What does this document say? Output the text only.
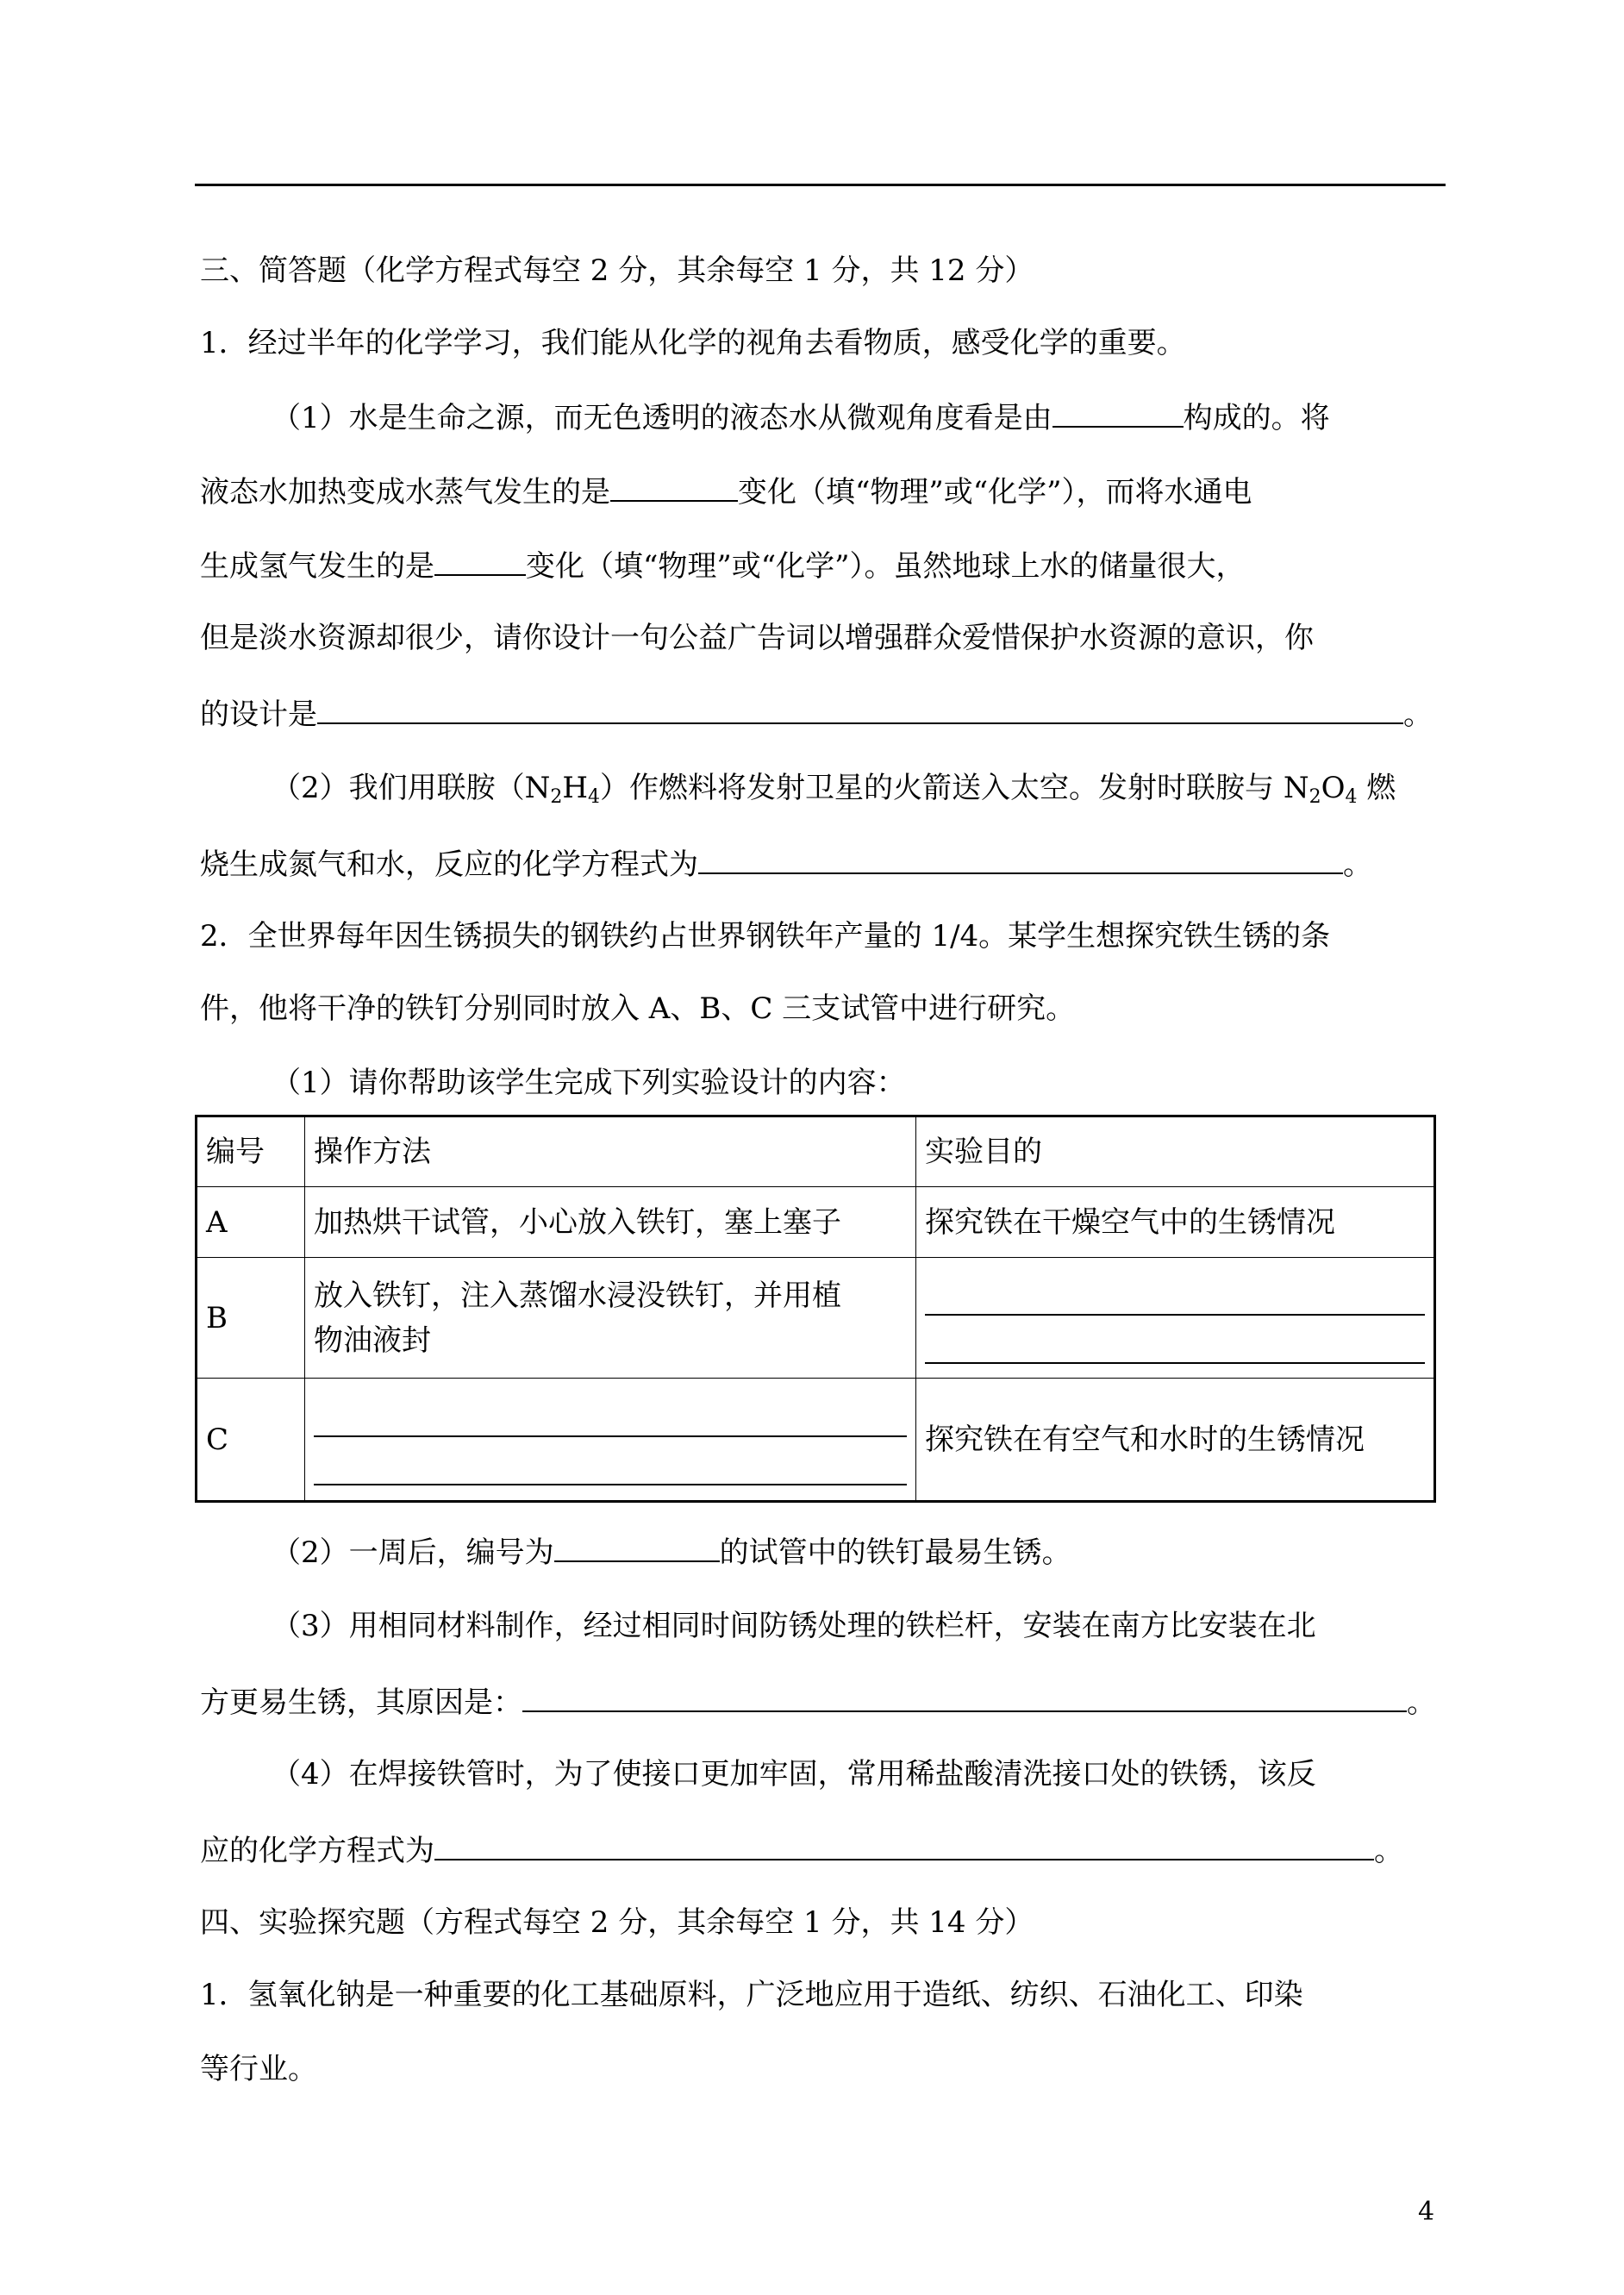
三、简答题（化学方程式每空 2 分，其余每空 1 分，共 12 分）
1．经过半年的化学学习，我们能从化学的视角去看物质，感受化学的重要。
（1）水是生命之源，而无色透明的液态水从微观角度看是由	构成的。将
液态水加热变成水蒸气发生的是	变化（填“物理”或“化学”），而将水通电
生成氢气发生的是	变化（填“物理”或“化学”）。虽然地球上水的储量很大，
但是淡水资源却很少，请你设计一句公益广告词以增强群众爱惜保护水资源的意识，你
的设计是	。
（2）我们用联胺$(N_2H_4)$作燃料将发射卫星的火箭送入太空。发射时联胺与 $N_2O_4$ 燃
烧生成氮气和水，反应的化学方程式为	。
2．全世界每年因生锈损失的钢铁约占世界钢铁年产量的 1/4。某学生想探究铁生锈的条
件，他将干净的铁钉分别同时放入 A、B、C 三支试管中进行研究。
（1）请你帮助该学生完成下列实验设计的内容：
编号	操作方法	实验目的
A	加热烘干试管，小心放入铁钉，塞上塞子	探究铁在干燥空气中的生锈情况
B	放入铁钉，注入蒸馏水浸没铁钉，并用植
物油液封	

C		探究铁在有空气和水时的生锈情况
（2）一周后，编号为	的试管中的铁钉最易生锈。
（3）用相同材料制作，经过相同时间防锈处理的铁栏杆，安装在南方比安装在北
方更易生锈，其原因是：	。
（4）在焊接铁管时，为了使接口更加牢固，常用稀盐酸清洗接口处的铁锈，该反
应的化学方程式为	。
四、实验探究题（方程式每空 2 分，其余每空 1 分，共 14 分）
1．氢氧化钠是一种重要的化工基础原料，广泛地应用于造纸、纺织、石油化工、印染
等行业。
4
